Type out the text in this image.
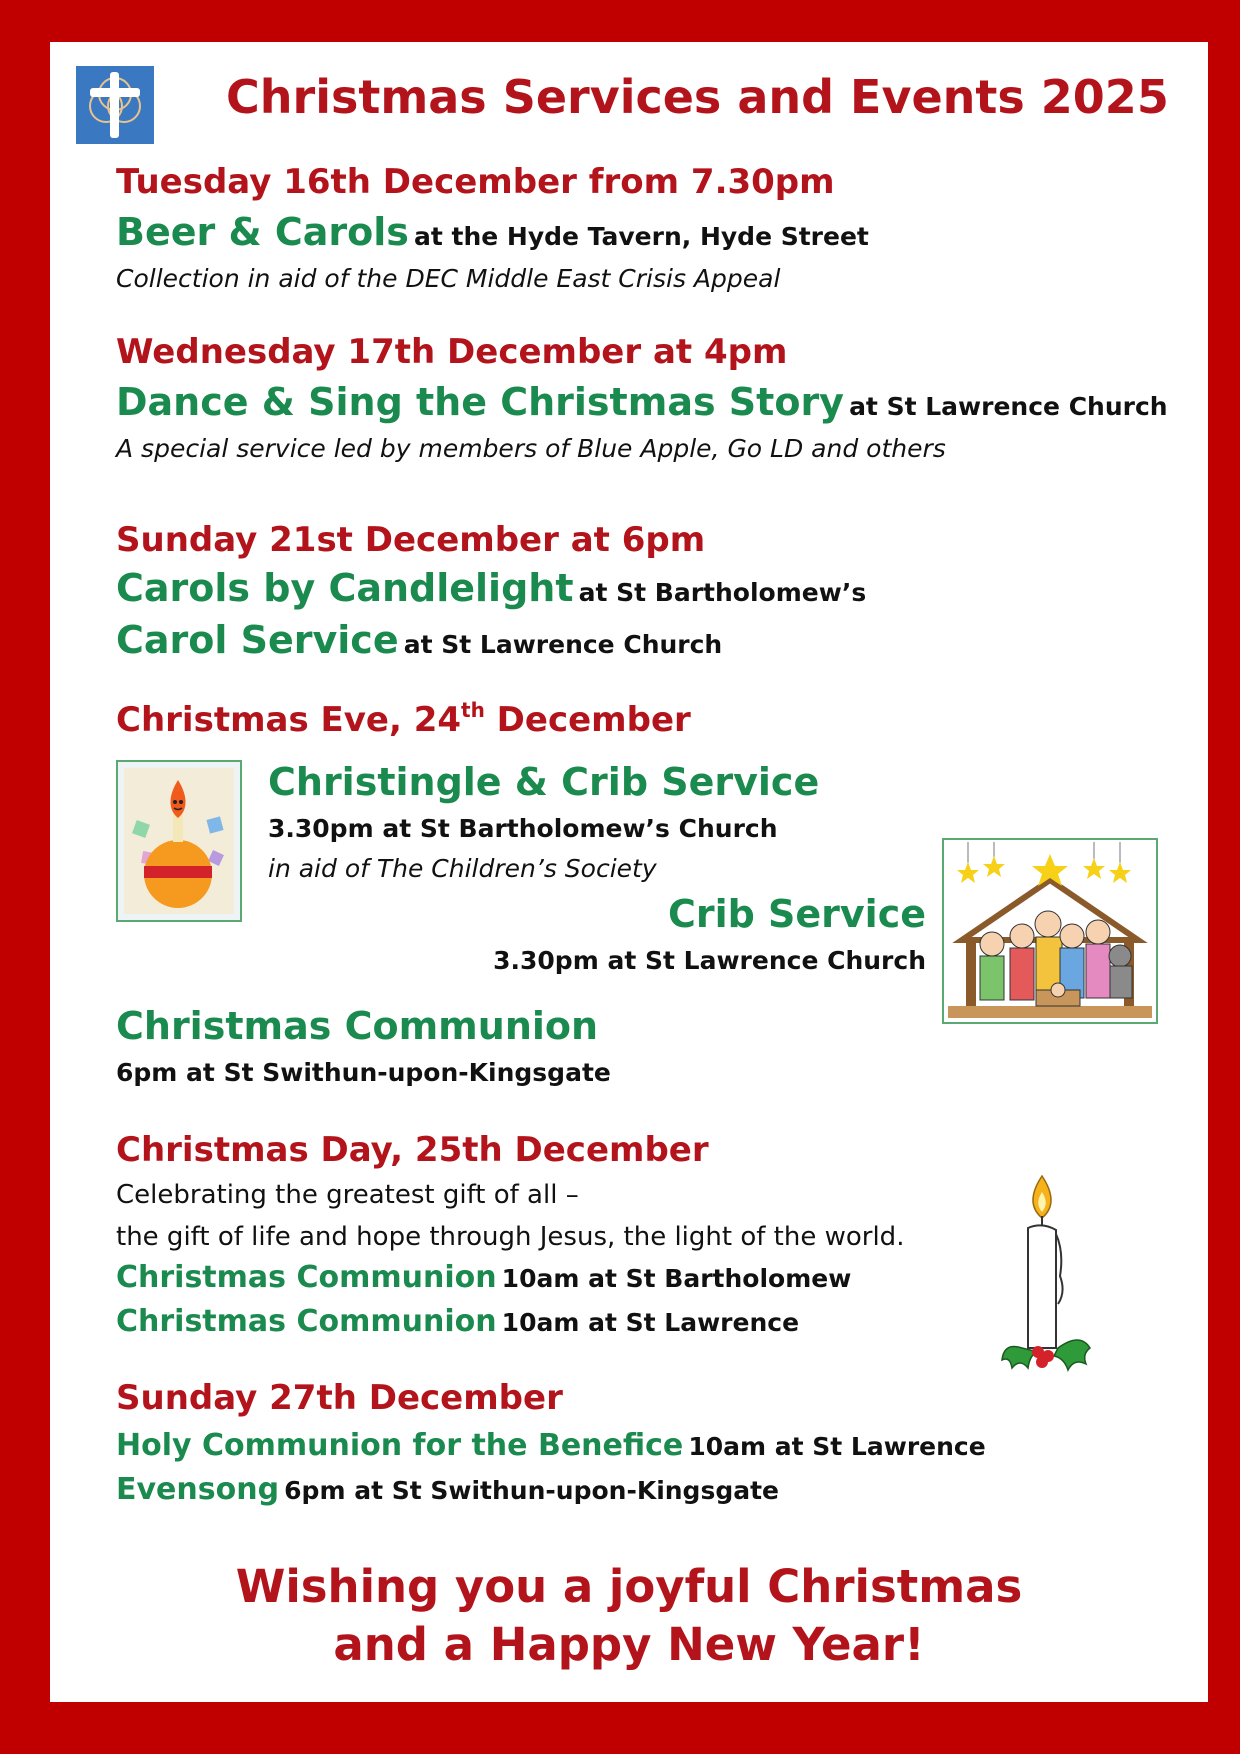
Christmas Services and Events 2025
Tuesday 16th December from 7.30pm
Beer & Carols at the Hyde Tavern, Hyde Street
Collection in aid of the DEC Middle East Crisis Appeal
Wednesday 17th December at 4pm
Dance & Sing the Christmas Story at St Lawrence Church
A special service led by members of Blue Apple, Go LD and others
Sunday 21st December at 6pm
Carols by Candlelight at St Bartholomew’s
Carol Service at St Lawrence Church
Christmas Eve, 24th December
Christingle & Crib Service
3.30pm at St Bartholomew’s Church
in aid of The Children’s Society
Crib Service
3.30pm at St Lawrence Church
Christmas Communion
6pm at St Swithun-upon-Kingsgate
Christmas Day, 25th December
Celebrating the greatest gift of all –
the gift of life and hope through Jesus, the light of the world.
Christmas Communion 10am at St Bartholomew
Christmas Communion 10am at St Lawrence
Sunday 27th December
Holy Communion for the Benefice 10am at St Lawrence
Evensong 6pm at St Swithun-upon-Kingsgate
Wishing you a joyful Christmas
and a Happy New Year!
